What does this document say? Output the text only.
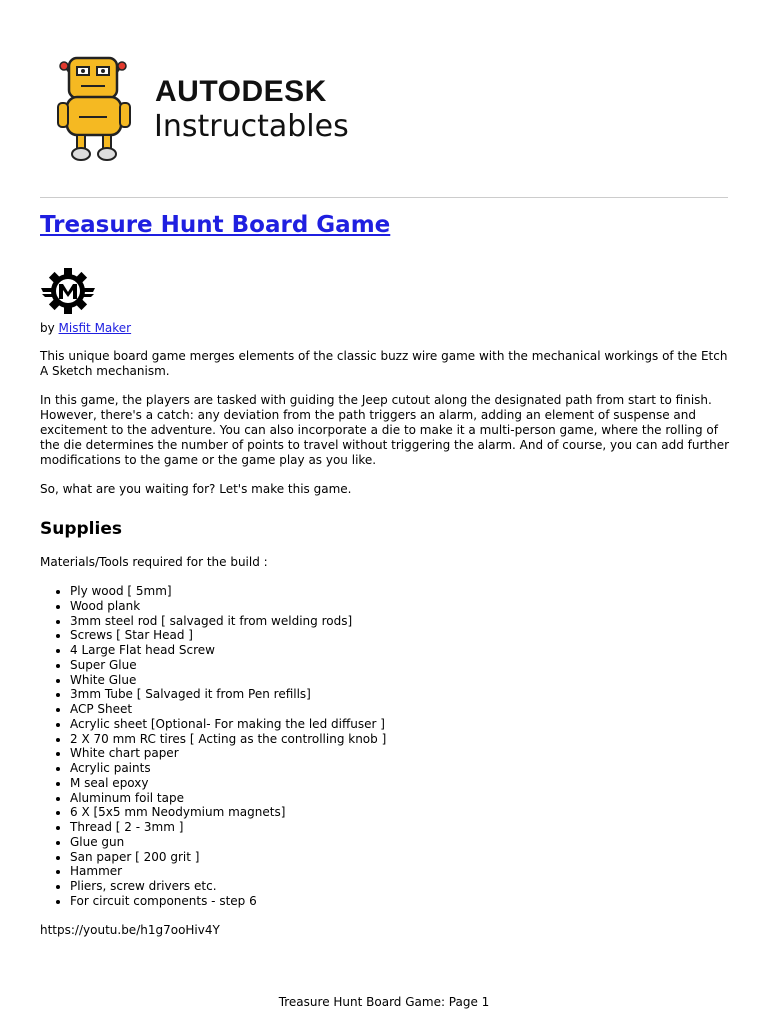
AUTODESK
Instructables
Treasure Hunt Board Game
by Misfit Maker

This unique board game merges elements of the classic buzz wire game with the mechanical workings of the Etch A Sketch mechanism.

In this game, the players are tasked with guiding the Jeep cutout along the designated path from start to finish. However, there's a catch: any deviation from the path triggers an alarm, adding an element of suspense and excitement to the adventure. You can also incorporate a die to make it a multi-person game, where the rolling of the die determines the number of points to travel without triggering the alarm. And of course, you can add further modifications to the game or the game play as you like.

So, what are you waiting for? Let's make this game.

Supplies

Materials/Tools required for the build :

• Ply wood [ 5mm]
• Wood plank
• 3mm steel rod [ salvaged it from welding rods]
• Screws [ Star Head ]
• 4 Large Flat head Screw
• Super Glue
• White Glue
• 3mm Tube [ Salvaged it from Pen refills]
• ACP Sheet
• Acrylic sheet [Optional- For making the led diffuser ]
• 2 X 70 mm RC tires [ Acting as the controlling knob ]
• White chart paper
• Acrylic paints
• M seal epoxy
• Aluminum foil tape
• 6 X [5x5 mm Neodymium magnets]
• Thread [ 2 - 3mm ]
• Glue gun
• San paper [ 200 grit ]
• Hammer
• Pliers, screw drivers etc.
• For circuit components - step 6

https://youtu.be/h1g7ooHiv4Y

Treasure Hunt Board Game: Page 1
